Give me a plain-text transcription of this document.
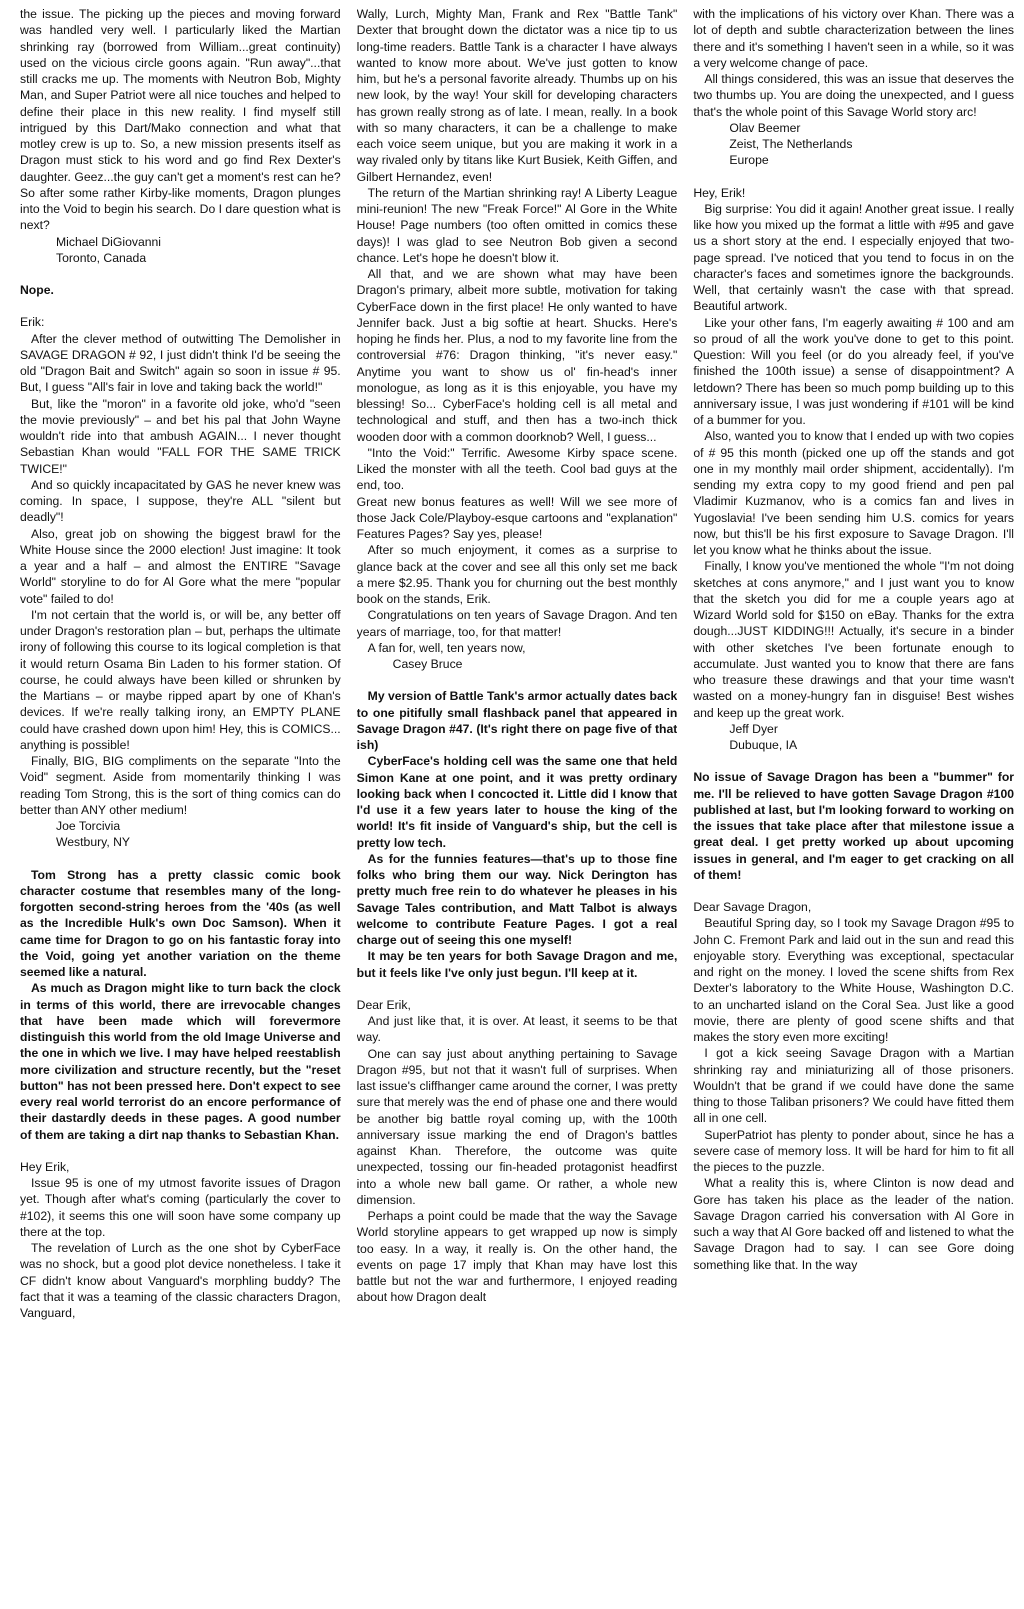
the issue. The picking up the pieces and moving forward was handled very well. I particularly liked the Martian shrinking ray (borrowed from William...great continuity) used on the vicious circle goons again. "Run away"...that still cracks me up. The moments with Neutron Bob, Mighty Man, and Super Patriot were all nice touches and helped to define their place in this new reality. I find myself still intrigued by this Dart/Mako connection and what that motley crew is up to. So, a new mission presents itself as Dragon must stick to his word and go find Rex Dexter's daughter. Geez...the guy can't get a moment's rest can he? So after some rather Kirby-like moments, Dragon plunges into the Void to begin his search. Do I dare question what is next?

Michael DiGiovanni

Toronto, Canada

Nope.

Erik:

After the clever method of outwitting The Demolisher in SAVAGE DRAGON # 92, I just didn't think I'd be seeing the old "Dragon Bait and Switch" again so soon in issue # 95. But, I guess "All's fair in love and taking back the world!"

But, like the "moron" in a favorite old joke, who'd "seen the movie previously" – and bet his pal that John Wayne wouldn't ride into that ambush AGAIN... I never thought Sebastian Khan would "FALL FOR THE SAME TRICK TWICE!"

And so quickly incapacitated by GAS he never knew was coming. In space, I suppose, they're ALL "silent but deadly"!

Also, great job on showing the biggest brawl for the White House since the 2000 election! Just imagine: It took a year and a half – and almost the ENTIRE "Savage World" storyline to do for Al Gore what the mere "popular vote" failed to do!

I'm not certain that the world is, or will be, any better off under Dragon's restoration plan – but, perhaps the ultimate irony of following this course to its logical completion is that it would return Osama Bin Laden to his former station. Of course, he could always have been killed or shrunken by the Martians – or maybe ripped apart by one of Khan's devices. If we're really talking irony, an EMPTY PLANE could have crashed down upon him! Hey, this is COMICS... anything is possible!

Finally, BIG, BIG compliments on the separate "Into the Void" segment. Aside from momentarily thinking I was reading Tom Strong, this is the sort of thing comics can do better than ANY other medium!

Joe Torcivia

Westbury, NY

Tom Strong has a pretty classic comic book character costume that resembles many of the long-forgotten second-string heroes from the '40s (as well as the Incredible Hulk's own Doc Samson). When it came time for Dragon to go on his fantastic foray into the Void, going yet another variation on the theme seemed like a natural.

As much as Dragon might like to turn back the clock in terms of this world, there are irrevocable changes that have been made which will forevermore distinguish this world from the old Image Universe and the one in which we live. I may have helped reestablish more civilization and structure recently, but the "reset button" has not been pressed here. Don't expect to see every real world terrorist do an encore performance of their dastardly deeds in these pages. A good number of them are taking a dirt nap thanks to Sebastian Khan.

Hey Erik,

Issue 95 is one of my utmost favorite issues of Dragon yet. Though after what's coming (particularly the cover to #102), it seems this one will soon have some company up there at the top.

The revelation of Lurch as the one shot by CyberFace was no shock, but a good plot device nonetheless. I take it CF didn't know about Vanguard's morphling buddy? The fact that it was a teaming of the classic characters Dragon, Vanguard,

Wally, Lurch, Mighty Man, Frank and Rex "Battle Tank" Dexter that brought down the dictator was a nice tip to us long-time readers. Battle Tank is a character I have always wanted to know more about. We've just gotten to know him, but he's a personal favorite already. Thumbs up on his new look, by the way! Your skill for developing characters has grown really strong as of late. I mean, really. In a book with so many characters, it can be a challenge to make each voice seem unique, but you are making it work in a way rivaled only by titans like Kurt Busiek, Keith Giffen, and Gilbert Hernandez, even!

The return of the Martian shrinking ray! A Liberty League mini-reunion! The new "Freak Force!" Al Gore in the White House! Page numbers (too often omitted in comics these days)! I was glad to see Neutron Bob given a second chance. Let's hope he doesn't blow it.

All that, and we are shown what may have been Dragon's primary, albeit more subtle, motivation for taking CyberFace down in the first place! He only wanted to have Jennifer back. Just a big softie at heart. Shucks. Here's hoping he finds her. Plus, a nod to my favorite line from the controversial #76: Dragon thinking, "it's never easy." Anytime you want to show us ol' fin-head's inner monologue, as long as it is this enjoyable, you have my blessing! So... CyberFace's holding cell is all metal and technological and stuff, and then has a two-inch thick wooden door with a common doorknob? Well, I guess...

"Into the Void:" Terrific. Awesome Kirby space scene. Liked the monster with all the teeth. Cool bad guys at the end, too.

Great new bonus features as well! Will we see more of those Jack Cole/Playboy-esque cartoons and "explanation" Features Pages? Say yes, please!

After so much enjoyment, it comes as a surprise to glance back at the cover and see all this only set me back a mere $2.95. Thank you for churning out the best monthly book on the stands, Erik.

Congratulations on ten years of Savage Dragon. And ten years of marriage, too, for that matter!

A fan for, well, ten years now,

Casey Bruce

My version of Battle Tank's armor actually dates back to one pitifully small flashback panel that appeared in Savage Dragon #47. (It's right there on page five of that ish)

CyberFace's holding cell was the same one that held Simon Kane at one point, and it was pretty ordinary looking back when I concocted it. Little did I know that I'd use it a few years later to house the king of the world! It's fit inside of Vanguard's ship, but the cell is pretty low tech.

As for the funnies features—that's up to those fine folks who bring them our way. Nick Derington has pretty much free rein to do whatever he pleases in his Savage Tales contribution, and Matt Talbot is always welcome to contribute Feature Pages. I got a real charge out of seeing this one myself!

It may be ten years for both Savage Dragon and me, but it feels like I've only just begun. I'll keep at it.

Dear Erik,

And just like that, it is over. At least, it seems to be that way.

One can say just about anything pertaining to Savage Dragon #95, but not that it wasn't full of surprises. When last issue's cliffhanger came around the corner, I was pretty sure that merely was the end of phase one and there would be another big battle royal coming up, with the 100th anniversary issue marking the end of Dragon's battles against Khan. Therefore, the outcome was quite unexpected, tossing our fin-headed protagonist headfirst into a whole new ball game. Or rather, a whole new dimension.

Perhaps a point could be made that the way the Savage World storyline appears to get wrapped up now is simply too easy. In a way, it really is. On the other hand, the events on page 17 imply that Khan may have lost this battle but not the war and furthermore, I enjoyed reading about how Dragon dealt

with the implications of his victory over Khan. There was a lot of depth and subtle characterization between the lines there and it's something I haven't seen in a while, so it was a very welcome change of pace.

All things considered, this was an issue that deserves the two thumbs up. You are doing the unexpected, and I guess that's the whole point of this Savage World story arc!

Olav Beemer

Zeist, The Netherlands

Europe

Hey, Erik!

Big surprise: You did it again! Another great issue. I really like how you mixed up the format a little with #95 and gave us a short story at the end. I especially enjoyed that two-page spread. I've noticed that you tend to focus in on the character's faces and sometimes ignore the backgrounds. Well, that certainly wasn't the case with that spread. Beautiful artwork.

Like your other fans, I'm eagerly awaiting # 100 and am so proud of all the work you've done to get to this point. Question: Will you feel (or do you already feel, if you've finished the 100th issue) a sense of disappointment? A letdown? There has been so much pomp building up to this anniversary issue, I was just wondering if #101 will be kind of a bummer for you.

Also, wanted you to know that I ended up with two copies of # 95 this month (picked one up off the stands and got one in my monthly mail order shipment, accidentally). I'm sending my extra copy to my good friend and pen pal Vladimir Kuzmanov, who is a comics fan and lives in Yugoslavia! I've been sending him U.S. comics for years now, but this'll be his first exposure to Savage Dragon. I'll let you know what he thinks about the issue.

Finally, I know you've mentioned the whole "I'm not doing sketches at cons anymore," and I just want you to know that the sketch you did for me a couple years ago at Wizard World sold for $150 on eBay. Thanks for the extra dough...JUST KIDDING!!! Actually, it's secure in a binder with other sketches I've been fortunate enough to accumulate. Just wanted you to know that there are fans who treasure these drawings and that your time wasn't wasted on a money-hungry fan in disguise! Best wishes and keep up the great work.

Jeff Dyer

Dubuque, IA

No issue of Savage Dragon has been a "bummer" for me. I'll be relieved to have gotten Savage Dragon #100 published at last, but I'm looking forward to working on the issues that take place after that milestone issue a great deal. I get pretty worked up about upcoming issues in general, and I'm eager to get cracking on all of them!

Dear Savage Dragon,

Beautiful Spring day, so I took my Savage Dragon #95 to John C. Fremont Park and laid out in the sun and read this enjoyable story. Everything was exceptional, spectacular and right on the money. I loved the scene shifts from Rex Dexter's laboratory to the White House, Washington D.C. to an uncharted island on the Coral Sea. Just like a good movie, there are plenty of good scene shifts and that makes the story even more exciting!

I got a kick seeing Savage Dragon with a Martian shrinking ray and miniaturizing all of those prisoners. Wouldn't that be grand if we could have done the same thing to those Taliban prisoners? We could have fitted them all in one cell.

SuperPatriot has plenty to ponder about, since he has a severe case of memory loss. It will be hard for him to fit all the pieces to the puzzle.

What a reality this is, where Clinton is now dead and Gore has taken his place as the leader of the nation. Savage Dragon carried his conversation with Al Gore in such a way that Al Gore backed off and listened to what the Savage Dragon had to say. I can see Gore doing something like that. In the way
